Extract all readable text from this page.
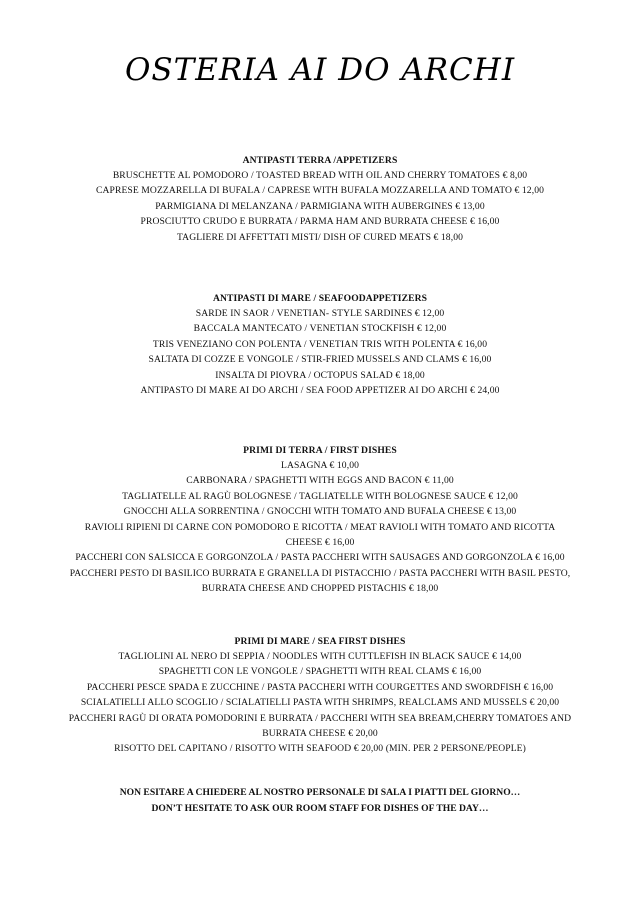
OSTERIA AI DO ARCHI
ANTIPASTI TERRA /APPETIZERS
BRUSCHETTE AL POMODORO / TOASTED BREAD WITH OIL AND CHERRY TOMATOES € 8,00
CAPRESE MOZZARELLA DI BUFALA / CAPRESE WITH BUFALA MOZZARELLA AND TOMATO € 12,00
PARMIGIANA DI MELANZANA / PARMIGIANA WITH AUBERGINES € 13,00
PROSCIUTTO CRUDO E BURRATA / PARMA HAM AND BURRATA CHEESE € 16,00
TAGLIERE DI AFFETTATI MISTI/ DISH OF CURED MEATS € 18,00
ANTIPASTI DI MARE / SEAFOODAPPETIZERS
SARDE IN SAOR / VENETIAN- STYLE SARDINES € 12,00
BACCALA MANTECATO / VENETIAN STOCKFISH € 12,00
TRIS VENEZIANO CON POLENTA / VENETIAN TRIS WITH POLENTA € 16,00
SALTATA DI COZZE E VONGOLE / STIR-FRIED MUSSELS AND CLAMS € 16,00
INSALTA DI PIOVRA / OCTOPUS SALAD € 18,00
ANTIPASTO DI MARE AI DO ARCHI / SEA FOOD APPETIZER AI DO ARCHI € 24,00
PRIMI DI TERRA / FIRST DISHES
LASAGNA € 10,00
CARBONARA / SPAGHETTI WITH EGGS AND BACON € 11,00
TAGLIATELLE AL RAGÙ BOLOGNESE / TAGLIATELLE WITH BOLOGNESE SAUCE € 12,00
GNOCCHI ALLA SORRENTINA / GNOCCHI WITH TOMATO AND BUFALA CHEESE € 13,00
RAVIOLI RIPIENI DI CARNE CON POMODORO E RICOTTA / MEAT RAVIOLI WITH TOMATO AND RICOTTA
CHEESE € 16,00
PACCHERI CON SALSICCA E GORGONZOLA / PASTA PACCHERI WITH SAUSAGES AND GORGONZOLA € 16,00
PACCHERI PESTO DI BASILICO BURRATA E GRANELLA DI PISTACCHIO / PASTA PACCHERI WITH BASIL PESTO,
BURRATA CHEESE AND CHOPPED PISTACHIS € 18,00
PRIMI DI MARE / SEA FIRST DISHES
TAGLIOLINI AL NERO DI SEPPIA / NOODLES WITH CUTTLEFISH IN BLACK SAUCE € 14,00
SPAGHETTI CON LE VONGOLE / SPAGHETTI WITH REAL CLAMS € 16,00
PACCHERI PESCE SPADA E ZUCCHINE / PASTA PACCHERI WITH COURGETTES AND SWORDFISH € 16,00
SCIALATIELLI ALLO SCOGLIO / SCIALATIELLI PASTA WITH SHRIMPS, REALCLAMS AND MUSSELS € 20,00
PACCHERI RAGÙ DI ORATA POMODORINI E BURRATA / PACCHERI WITH SEA BREAM,CHERRY TOMATOES AND
BURRATA CHEESE € 20,00
RISOTTO DEL CAPITANO / RISOTTO WITH SEAFOOD € 20,00 (MIN. PER 2 PERSONE/PEOPLE)
NON ESITARE A CHIEDERE AL NOSTRO PERSONALE DI SALA I PIATTI DEL GIORNO…
DON’T HESITATE TO ASK OUR ROOM STAFF FOR DISHES OF THE DAY…
